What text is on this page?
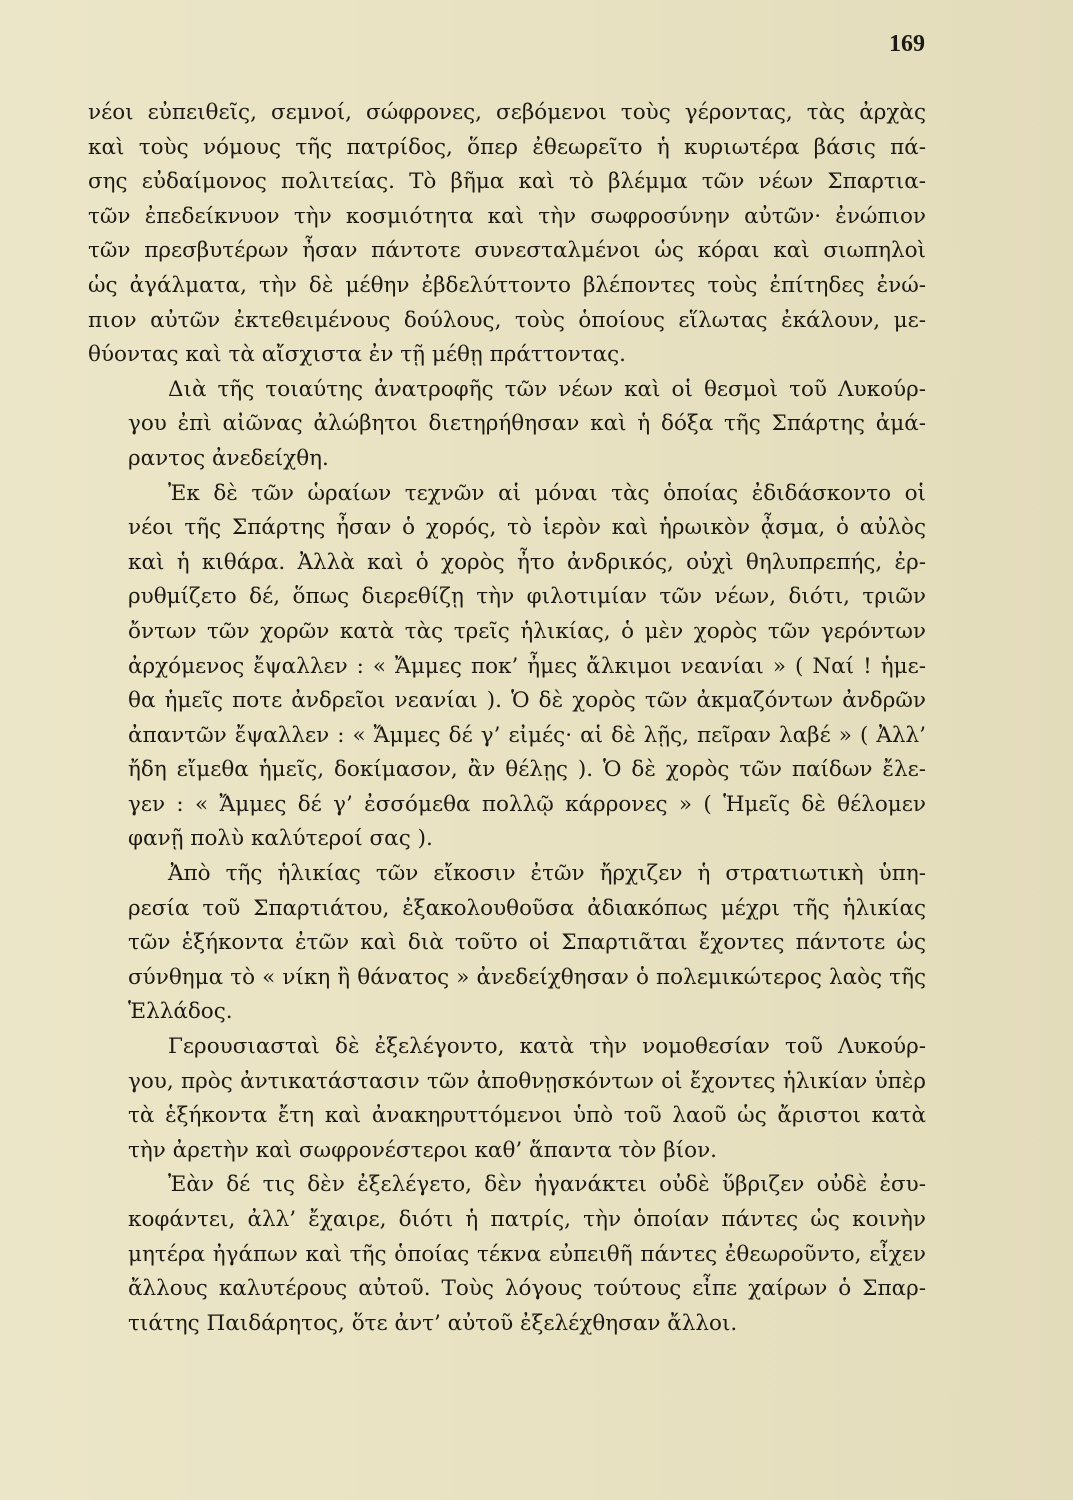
169

νέοι εὐπειθεῖς, σεμνοί, σώφρονες, σεβόμενοι τοὺς γέροντας, τὰς ἀρχὰς
καὶ τοὺς νόμους τῆς πατρίδος, ὅπερ ἐθεωρεῖτο ἡ κυριωτέρα βάσις πά-
σης εὐδαίμονος πολιτείας. Τὸ βῆμα καὶ τὸ βλέμμα τῶν νέων Σπαρτια-
τῶν ἐπεδείκνυον τὴν κοσμιότητα καὶ τὴν σωφροσύνην αὐτῶν· ἐνώπιον
τῶν πρεσβυτέρων ἦσαν πάντοτε συνεσταλμένοι ὡς κόραι καὶ σιωπηλοὶ
ὡς ἀγάλματα, τὴν δὲ μέθην ἐβδελύττοντο βλέποντες τοὺς ἐπίτηδες ἐνώ-
πιον αὐτῶν ἐκτεθειμένους δούλους, τοὺς ὁποίους εἵλωτας ἐκάλουν, με-
θύοντας καὶ τὰ αἴσχιστα ἐν τῇ μέθῃ πράττοντας.

Διὰ τῆς τοιαύτης ἀνατροφῆς τῶν νέων καὶ οἱ θεσμοὶ τοῦ Λυκούρ-
γου ἐπὶ αἰῶνας ἀλώβητοι διετηρήθησαν καὶ ἡ δόξα τῆς Σπάρτης ἀμά-
ραντος ἀνεδείχθη.

Ἐκ δὲ τῶν ὡραίων τεχνῶν αἱ μόναι τὰς ὁποίας ἐδιδάσκοντο οἱ
νέοι τῆς Σπάρτης ἦσαν ὁ χορός, τὸ ἱερὸν καὶ ἡρωικὸν ᾆσμα, ὁ αὐλὸς
καὶ ἡ κιθάρα. Ἀλλὰ καὶ ὁ χορὸς ἦτο ἀνδρικός, οὐχὶ θηλυπρεπής, ἐρ-
ρυθμίζετο δέ, ὅπως διερεθίζῃ τὴν φιλοτιμίαν τῶν νέων, διότι, τριῶν
ὄντων τῶν χορῶν κατὰ τὰς τρεῖς ἡλικίας, ὁ μὲν χορὸς τῶν γερόντων
ἀρχόμενος ἔψαλλεν : « Ἄμμες ποκ’ ἦμες ἄλκιμοι νεανίαι » ( Ναί ! ἡμε-
θα ἡμεῖς ποτε ἀνδρεῖοι νεανίαι ). Ὁ δὲ χορὸς τῶν ἀκμαζόντων ἀνδρῶν
ἀπαντῶν ἔψαλλεν : « Ἄμμες δέ γ’ εἰμές· αἱ δὲ λῇς, πεῖραν λαβέ » ( Ἀλλ’
ἤδη εἴμεθα ἡμεῖς, δοκίμασον, ἂν θέλῃς ). Ὁ δὲ χορὸς τῶν παίδων ἔλε-
γεν : « Ἄμμες δέ γ’ ἐσσόμεθα πολλῷ κάρρονες » ( Ἡμεῖς δὲ θέλομεν
φανῇ πολὺ καλύτεροί σας ).

Ἀπὸ τῆς ἡλικίας τῶν εἴκοσιν ἐτῶν ἤρχιζεν ἡ στρατιωτικὴ ὑπη-
ρεσία τοῦ Σπαρτιάτου, ἐξακολουθοῦσα ἀδιακόπως μέχρι τῆς ἡλικίας
τῶν ἑξήκοντα ἐτῶν καὶ διὰ τοῦτο οἱ Σπαρτιᾶται ἔχοντες πάντοτε ὡς
σύνθημα τὸ « νίκη ἢ θάνατος » ἀνεδείχθησαν ὁ πολεμικώτερος λαὸς τῆς
Ἑλλάδος.

Γερουσιασταὶ δὲ ἐξελέγοντο, κατὰ τὴν νομοθεσίαν τοῦ Λυκούρ-
γου, πρὸς ἀντικατάστασιν τῶν ἀποθνῃσκόντων οἱ ἔχοντες ἡλικίαν ὑπὲρ
τὰ ἑξήκοντα ἔτη καὶ ἀνακηρυττόμενοι ὑπὸ τοῦ λαοῦ ὡς ἄριστοι κατὰ
τὴν ἀρετὴν καὶ σωφρονέστεροι καθ’ ἅπαντα τὸν βίον.

Ἐὰν δέ τις δὲν ἐξελέγετο, δὲν ἠγανάκτει οὐδὲ ὕβριζεν οὐδὲ ἐσυ-
κοφάντει, ἀλλ’ ἔχαιρε, διότι ἡ πατρίς, τὴν ὁποίαν πάντες ὡς κοινὴν
μητέρα ἠγάπων καὶ τῆς ὁποίας τέκνα εὐπειθῆ πάντες ἐθεωροῦντο, εἶχεν
ἄλλους καλυτέρους αὐτοῦ. Τοὺς λόγους τούτους εἶπε χαίρων ὁ Σπαρ-
τιάτης Παιδάρητος, ὅτε ἀντ’ αὐτοῦ ἐξελέχθησαν ἄλλοι.
